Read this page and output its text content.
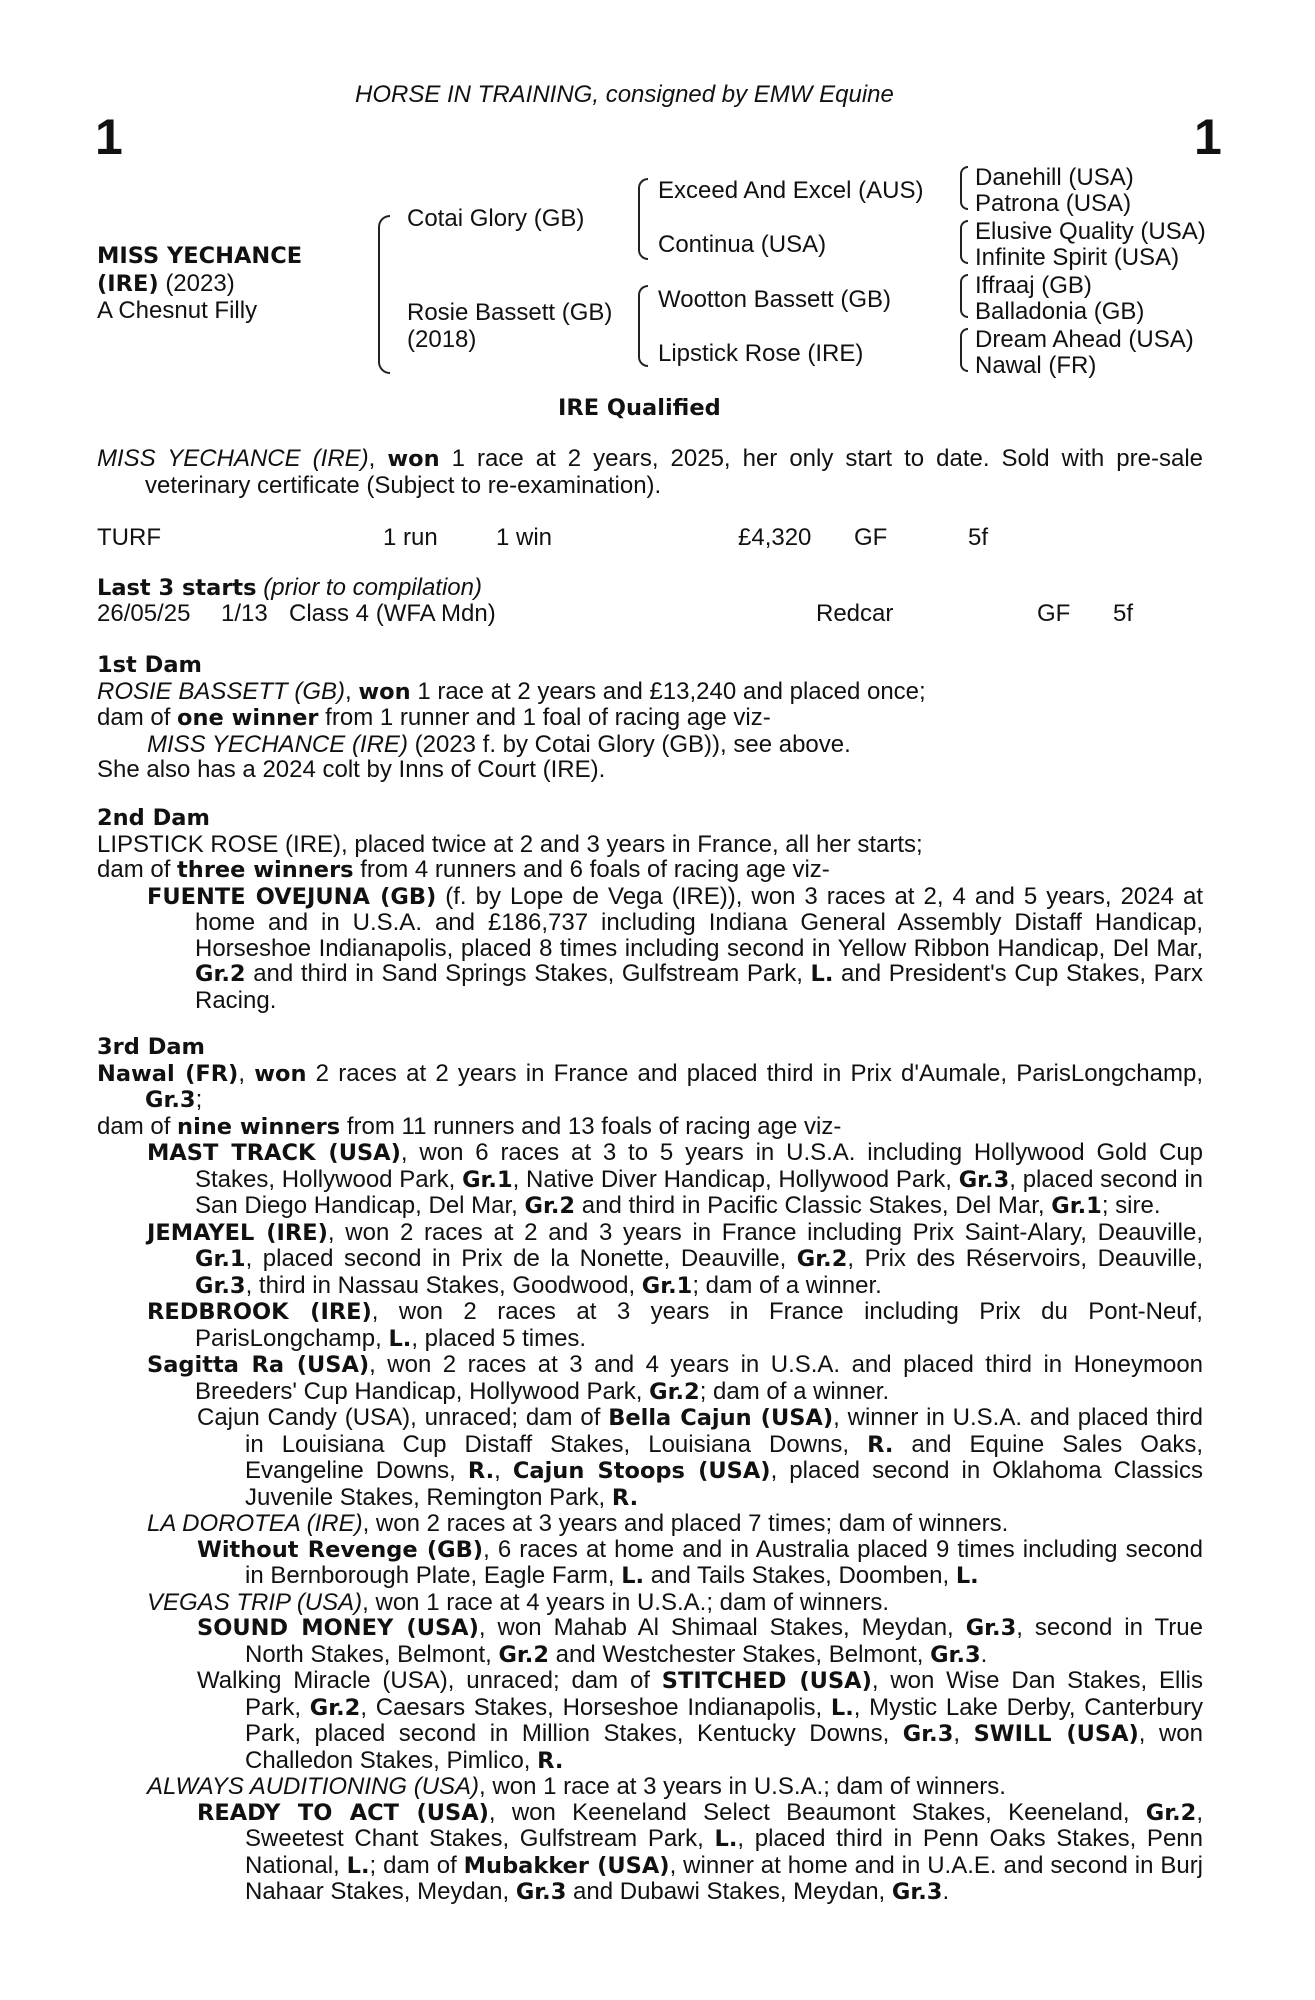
HORSE IN TRAINING, consigned by EMW Equine
1	1
MISS YECHANCE
(IRE) (2023)
A Chesnut Filly
Cotai Glory (GB)
Rosie Bassett (GB)
(2018)
Exceed And Excel (AUS)
Continua (USA)
Wootton Bassett (GB)
Lipstick Rose (IRE)
Danehill (USA)
Patrona (USA)
Elusive Quality (USA)
Infinite Spirit (USA)
Iffraaj (GB)
Balladonia (GB)
Dream Ahead (USA)
Nawal (FR)
IRE Qualified

MISS YECHANCE (IRE), won 1 race at 2 years, 2025, her only start to date. Sold with pre-sale veterinary certificate (Subject to re-examination).

TURF	1 run 1 win	£4,320 GF	5f
Last 3 starts (prior to compilation)
26/05/25 1/13 Class 4 (WFA Mdn)	Redcar	GF 5f

1st Dam

ROSIE BASSETT (GB), won 1 race at 2 years and £13,240 and placed once;

dam of one winner from 1 runner and 1 foal of racing age viz-

MISS YECHANCE (IRE) (2023 f. by Cotai Glory (GB)), see above.

She also has a 2024 colt by Inns of Court (IRE).

2nd Dam

LIPSTICK ROSE (IRE), placed twice at 2 and 3 years in France, all her starts;

dam of three winners from 4 runners and 6 foals of racing age viz-

FUENTE OVEJUNA (GB) (f. by Lope de Vega (IRE)), won 3 races at 2, 4 and 5 years, 2024 at home and in U.S.A. and £186,737 including Indiana General Assembly Distaff Handicap, Horseshoe Indianapolis, placed 8 times including second in Yellow Ribbon Handicap, Del Mar, Gr.2 and third in Sand Springs Stakes, Gulfstream Park, L. and President's Cup Stakes, Parx Racing.

3rd Dam

Nawal (FR), won 2 races at 2 years in France and placed third in Prix d'Aumale, ParisLongchamp, Gr.3;

dam of nine winners from 11 runners and 13 foals of racing age viz-

MAST TRACK (USA), won 6 races at 3 to 5 years in U.S.A. including Hollywood Gold Cup Stakes, Hollywood Park, Gr.1, Native Diver Handicap, Hollywood Park, Gr.3, placed second in San Diego Handicap, Del Mar, Gr.2 and third in Pacific Classic Stakes, Del Mar, Gr.1; sire.

JEMAYEL (IRE), won 2 races at 2 and 3 years in France including Prix Saint-Alary, Deauville, Gr.1, placed second in Prix de la Nonette, Deauville, Gr.2, Prix des Réservoirs, Deauville, Gr.3, third in Nassau Stakes, Goodwood, Gr.1; dam of a winner.

REDBROOK (IRE), won 2 races at 3 years in France including Prix du Pont-Neuf, ParisLongchamp, L., placed 5 times.

Sagitta Ra (USA), won 2 races at 3 and 4 years in U.S.A. and placed third in Honeymoon Breeders' Cup Handicap, Hollywood Park, Gr.2; dam of a winner.

Cajun Candy (USA), unraced; dam of Bella Cajun (USA), winner in U.S.A. and placed third in Louisiana Cup Distaff Stakes, Louisiana Downs, R. and Equine Sales Oaks, Evangeline Downs, R., Cajun Stoops (USA), placed second in Oklahoma Classics Juvenile Stakes, Remington Park, R.

LA DOROTEA (IRE), won 2 races at 3 years and placed 7 times; dam of winners.

Without Revenge (GB), 6 races at home and in Australia placed 9 times including second in Bernborough Plate, Eagle Farm, L. and Tails Stakes, Doomben, L.

VEGAS TRIP (USA), won 1 race at 4 years in U.S.A.; dam of winners.

SOUND MONEY (USA), won Mahab Al Shimaal Stakes, Meydan, Gr.3, second in True North Stakes, Belmont, Gr.2 and Westchester Stakes, Belmont, Gr.3.

Walking Miracle (USA), unraced; dam of STITCHED (USA), won Wise Dan Stakes, Ellis Park, Gr.2, Caesars Stakes, Horseshoe Indianapolis, L., Mystic Lake Derby, Canterbury Park, placed second in Million Stakes, Kentucky Downs, Gr.3, SWILL (USA), won Challedon Stakes, Pimlico, R.

ALWAYS AUDITIONING (USA), won 1 race at 3 years in U.S.A.; dam of winners.

READY TO ACT (USA), won Keeneland Select Beaumont Stakes, Keeneland, Gr.2, Sweetest Chant Stakes, Gulfstream Park, L., placed third in Penn Oaks Stakes, Penn National, L.; dam of Mubakker (USA), winner at home and in U.A.E. and second in Burj Nahaar Stakes, Meydan, Gr.3 and Dubawi Stakes, Meydan, Gr.3.
